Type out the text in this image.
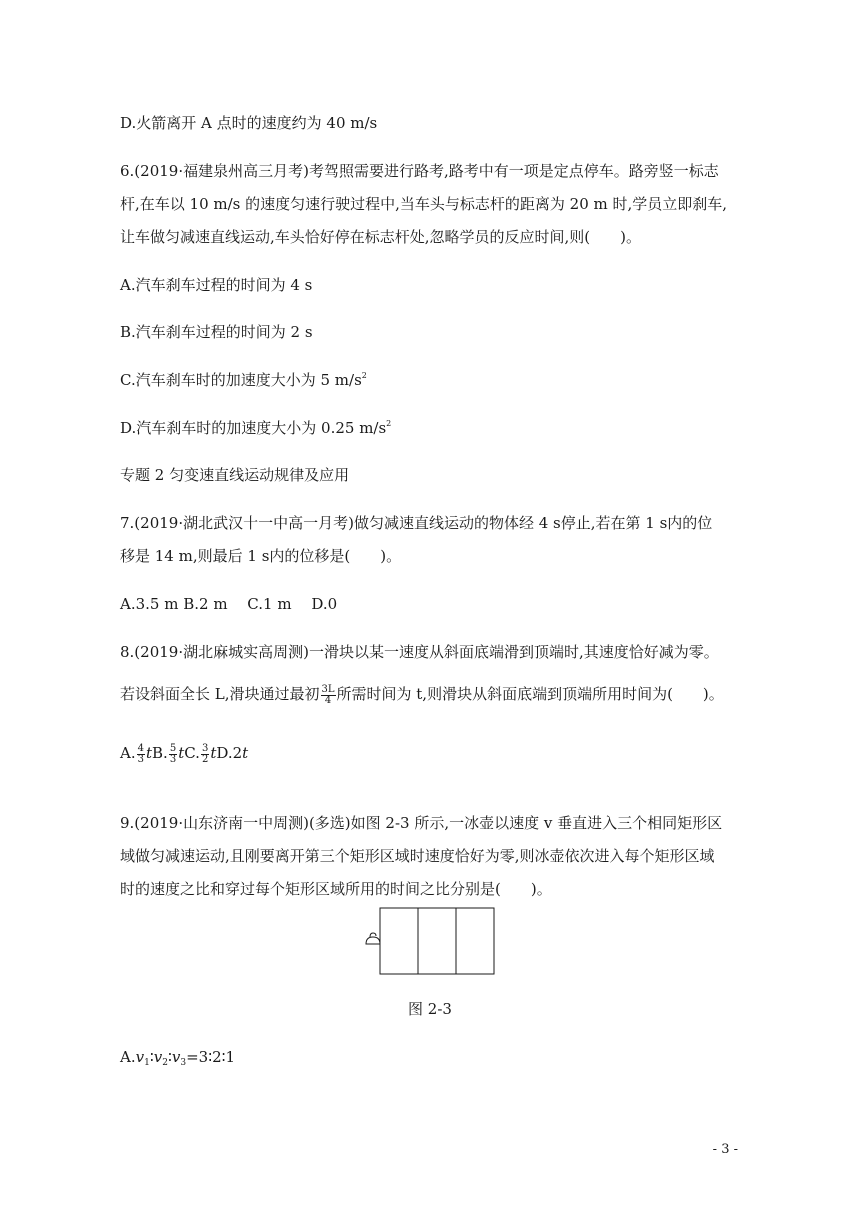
D.火箭离开 A 点时的速度约为 40 m/s
6.(2019·福建泉州高三月考)考驾照需要进行路考,路考中有一项是定点停车。路旁竖一标志
杆,在车以 10 m/s 的速度匀速行驶过程中,当车头与标志杆的距离为 20 m 时,学员立即刹车,
让车做匀减速直线运动,车头恰好停在标志杆处,忽略学员的反应时间,则(　　)。
A.汽车刹车过程的时间为 4 s
B.汽车刹车过程的时间为 2 s
C.汽车刹车时的加速度大小为 5 $m/s^2$
D.汽车刹车时的加速度大小为 0.25 $m/s^2$
专题 2 匀变速直线运动规律及应用
7.(2019·湖北武汉十一中高一月考)做匀减速直线运动的物体经 4 s停止,若在第 1 s内的位
移是 14 m,则最后 1 s内的位移是(　　)。
A.3.5 m B.2 m　 C.1 m　 D.0
8.(2019·湖北麻城实高周测)一滑块以某一速度从斜面底端滑到顶端时,其速度恰好减为零。
若设斜面全长 L,滑块通过最初 $\frac{3L}{4}$ 所需时间为 t,则滑块从斜面底端到顶端所用时间为(　　)。
A. $\frac{4}{3}$ tB. $\frac{5}{3}$ tC. $\frac{3}{2} tD.2t$
9.(2019·山东济南一中周测)(多选)如图 2-3 所示,一冰壶以速度 v 垂直进入三个相同矩形区
域做匀减速运动,且刚要离开第三个矩形区域时速度恰好为零,则冰壶依次进入每个矩形区域
时的速度之比和穿过每个矩形区域所用的时间之比分别是(　　)。
图 2-3
$A.v_1∶v_2∶v_3=3∶2∶1$
- 3 -
